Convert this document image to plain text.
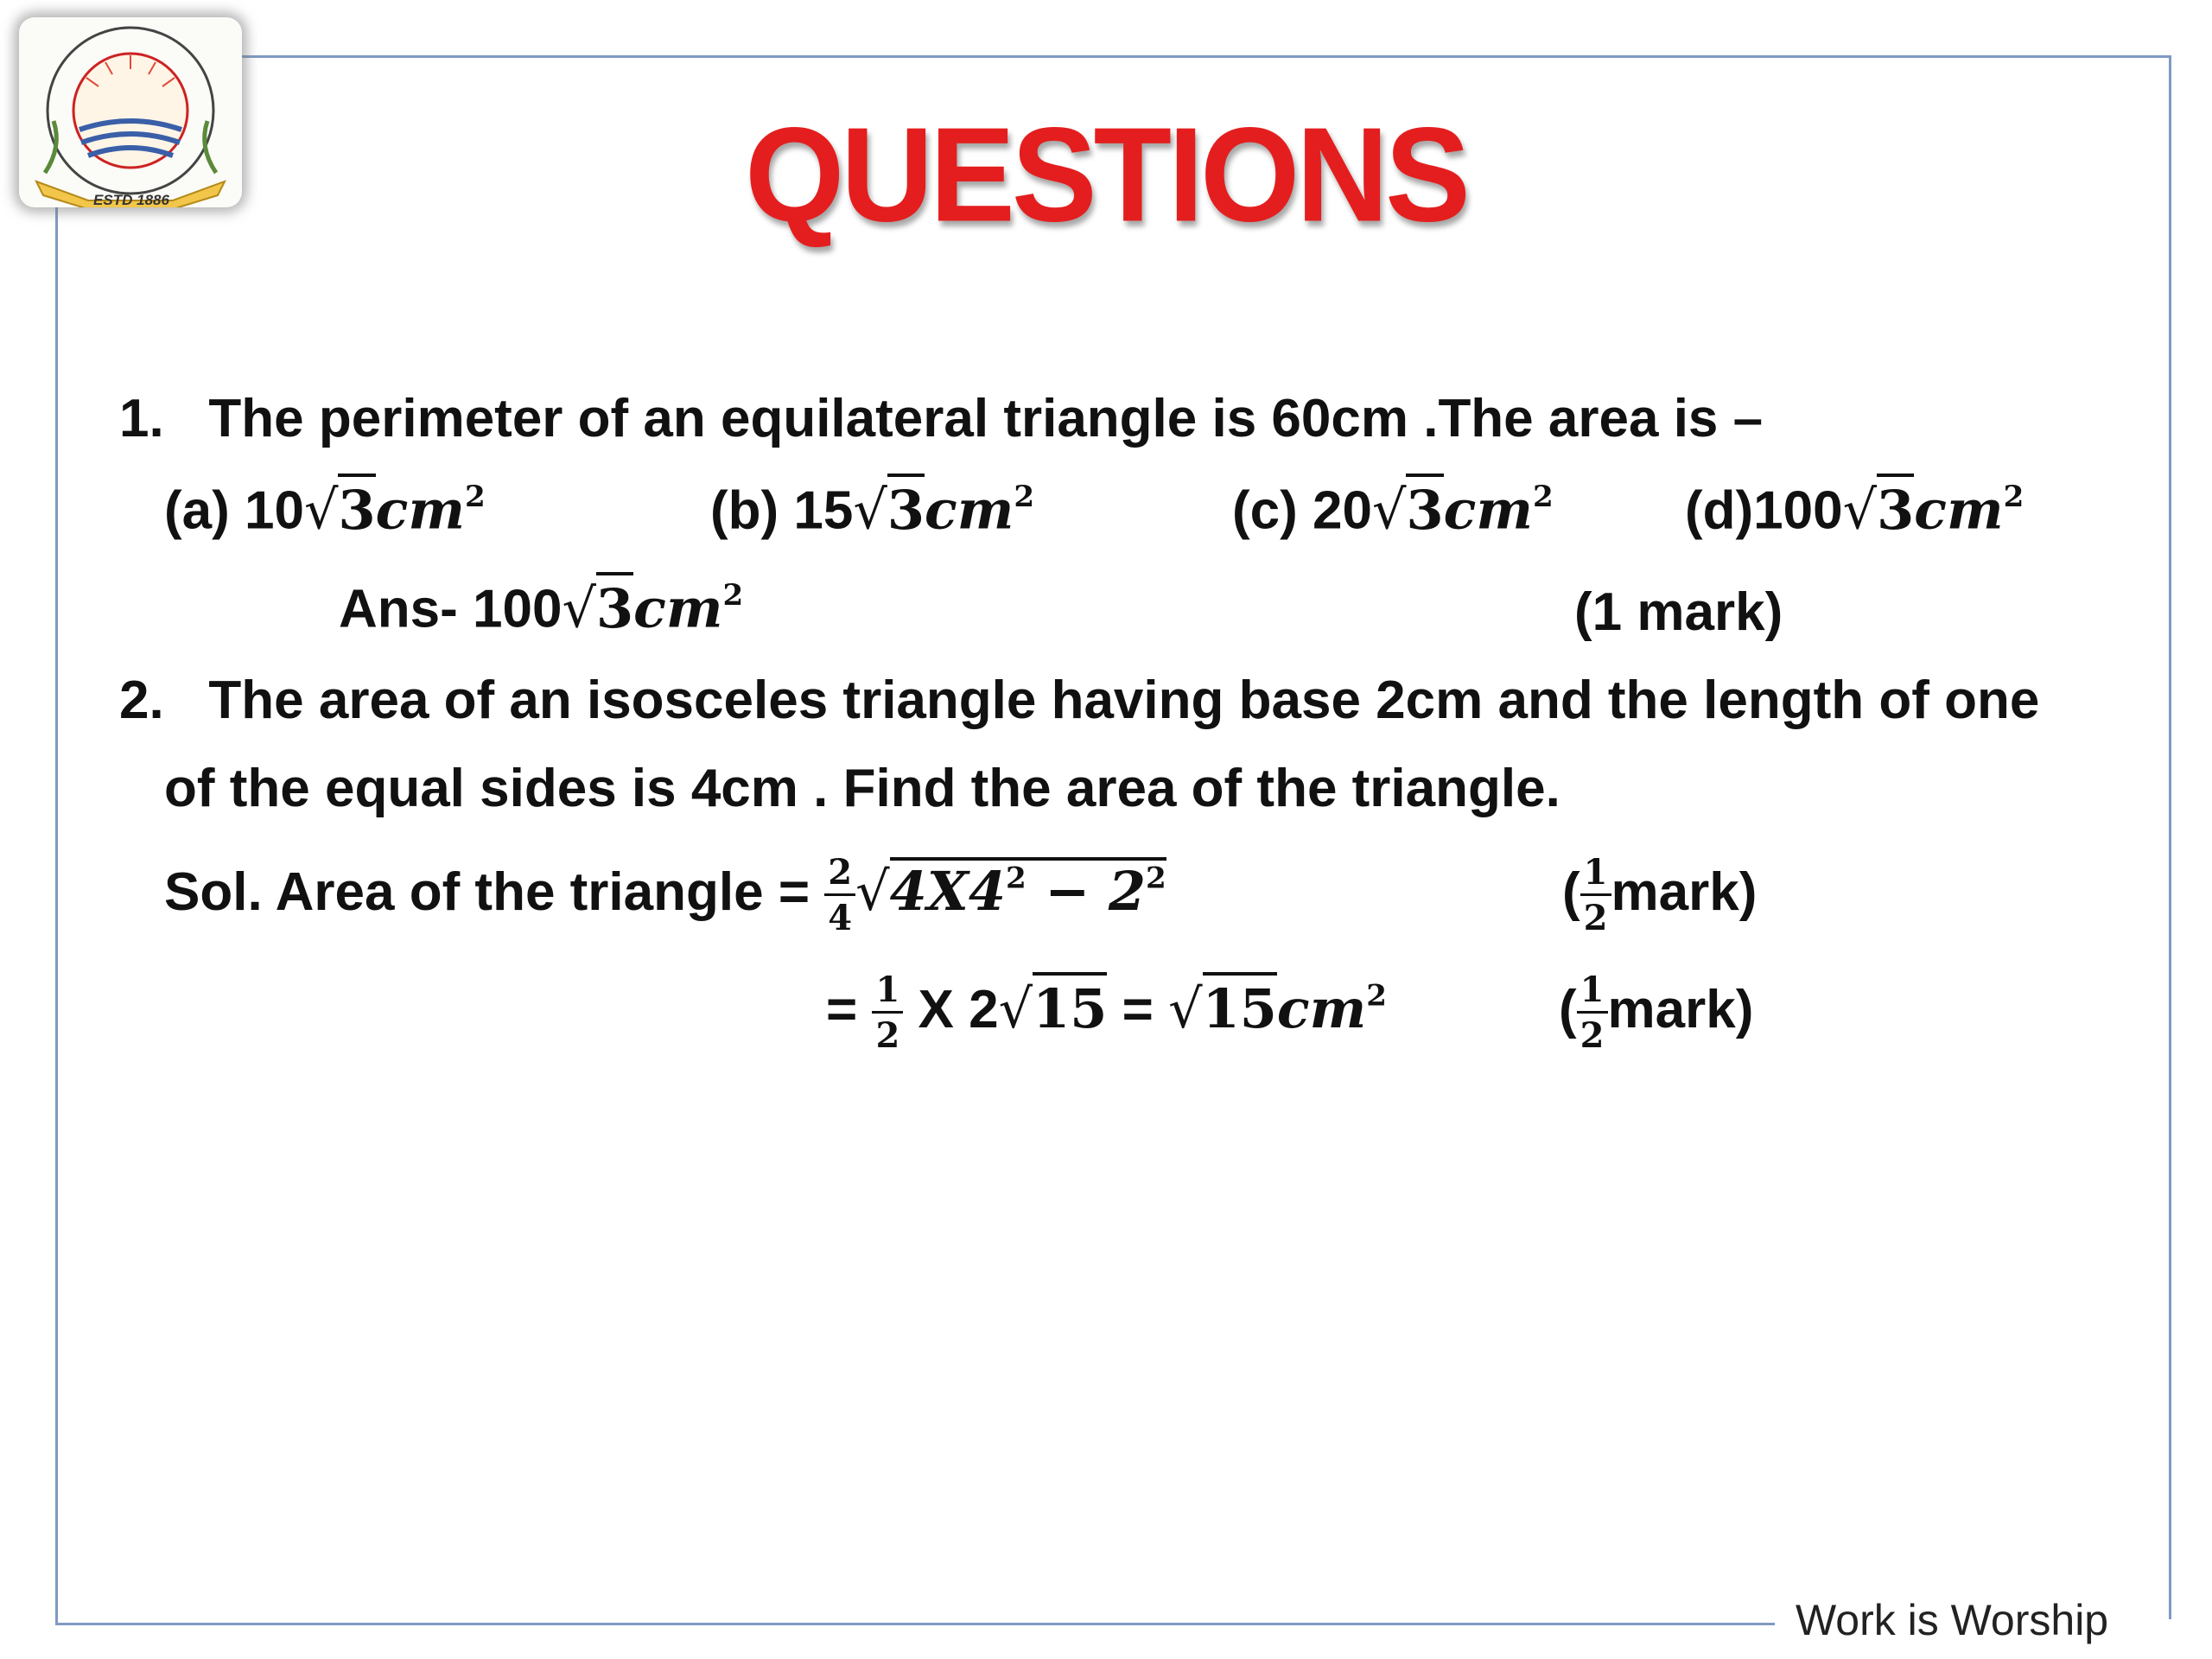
ESTD 1886	QUESTIONS
1. The perimeter of an equilateral triangle is 60cm .The area is –
(a) $10√3cm^2$	(b) $15√3cm^2$	(c) $20√3cm^2$ $(d)100√3cm^2$
Ans- $100√3cm^2$	(1 mark)
2. The area of an isosceles triangle having base 2cm and the length of one
of the equal sides is 4cm . Find the area of the triangle.
Sol. Area of the triangle = $\frac{2}{4} √4X4^2 - 2^2$	( $\frac{1}{2}$ mark)
= $\frac{1}{2}$ X $2√15 = √15cm^2$	( $\frac{1}{2}$ mark)
Work is Worship
